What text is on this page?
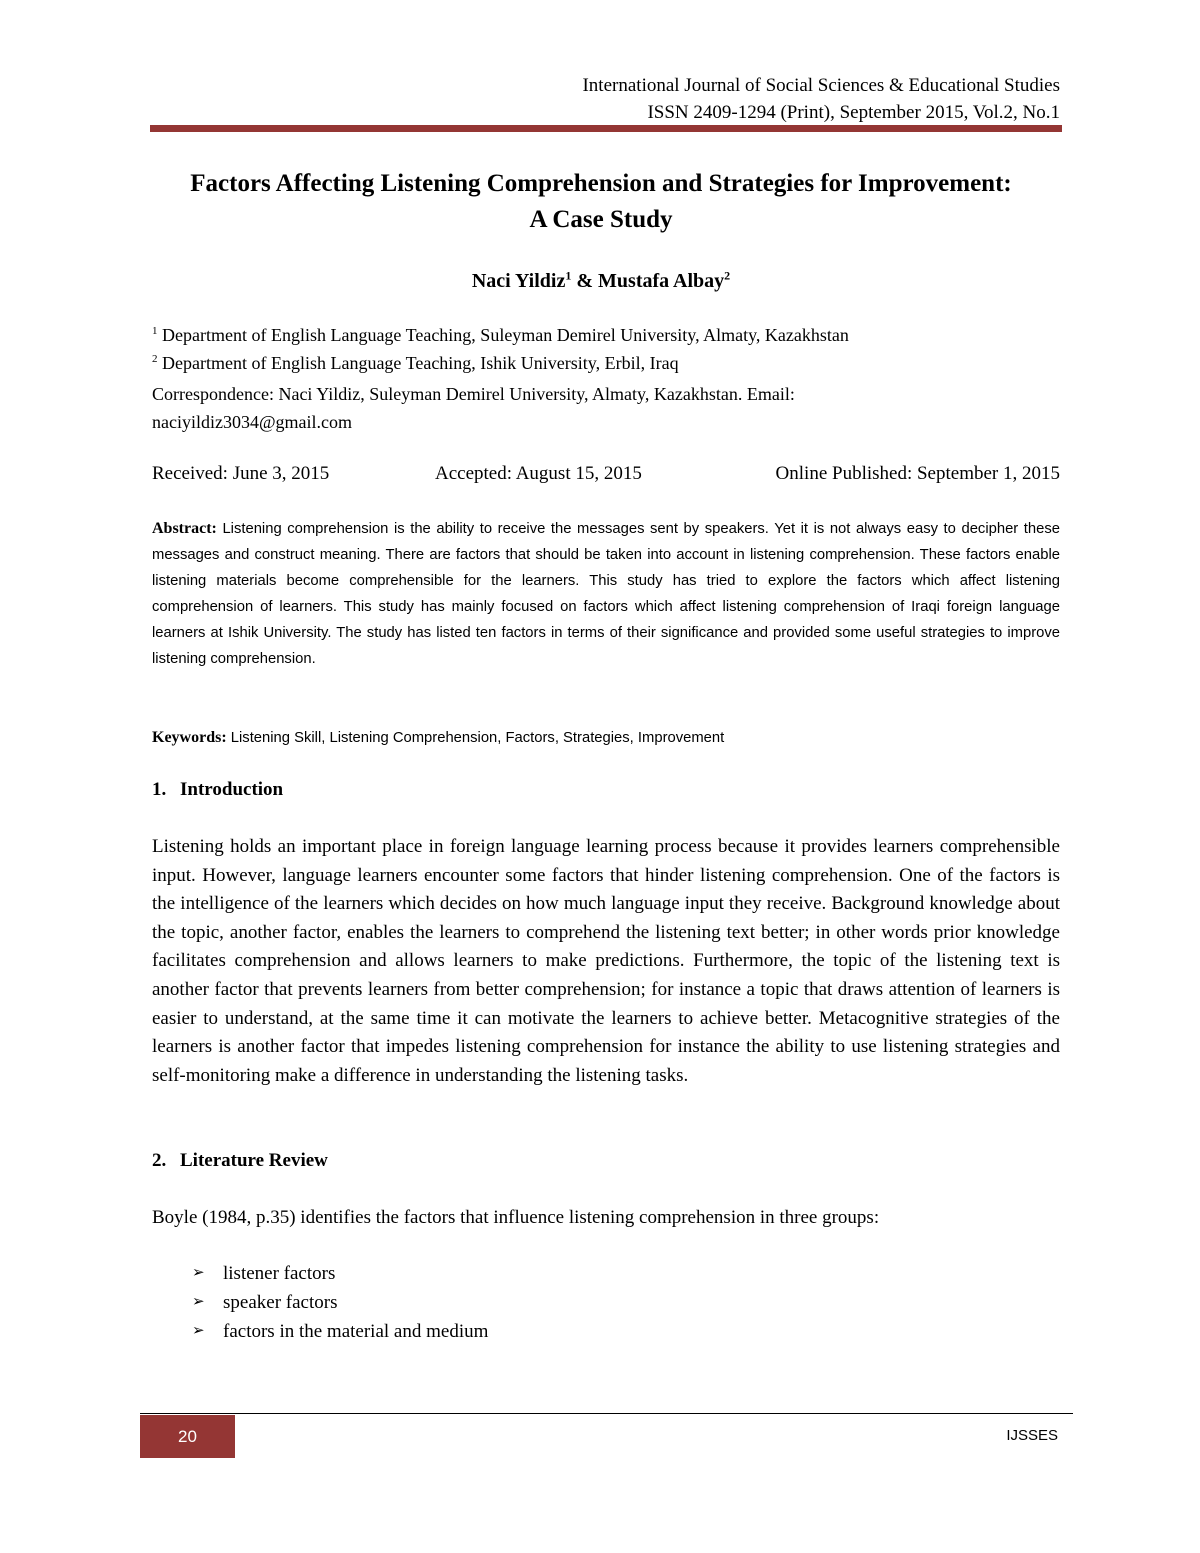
International Journal of Social Sciences & Educational Studies
ISSN 2409-1294 (Print), September 2015, Vol.2, No.1
Factors Affecting Listening Comprehension and Strategies for Improvement:
A Case Study
Naci Yildiz$^1$ & Mustafa Albay$^2$
$^1$ Department of English Language Teaching, Suleyman Demirel University, Almaty, Kazakhstan
$^2$ Department of English Language Teaching, Ishik University, Erbil, Iraq
Correspondence: Naci Yildiz, Suleyman Demirel University, Almaty, Kazakhstan. Email:
naciyildiz3034@gmail.com
Received: June 3, 2015	Accepted: August 15, 2015	Online Published: September 1, 2015

Abstract: Listening comprehension is the ability to receive the messages sent by speakers. Yet it is not always easy to decipher these messages and construct meaning. There are factors that should be taken into account in listening comprehension. These factors enable listening materials become comprehensible for the learners. This study has tried to explore the factors which affect listening comprehension of learners. This study has mainly focused on factors which affect listening comprehension of Iraqi foreign language learners at Ishik University. The study has listed ten factors in terms of their significance and provided some useful strategies to improve listening comprehension.

Keywords: Listening Skill, Listening Comprehension, Factors, Strategies, Improvement
1. Introduction

Listening holds an important place in foreign language learning process because it provides learners comprehensible input. However, language learners encounter some factors that hinder listening comprehension. One of the factors is the intelligence of the learners which decides on how much language input they receive. Background knowledge about the topic, another factor, enables the learners to comprehend the listening text better; in other words prior knowledge facilitates comprehension and allows learners to make predictions. Furthermore, the topic of the listening text is another factor that prevents learners from better comprehension; for instance a topic that draws attention of learners is easier to understand, at the same time it can motivate the learners to achieve better. Metacognitive strategies of the learners is another factor that impedes listening comprehension for instance the ability to use listening strategies and self-monitoring make a difference in understanding the listening tasks.

2. Literature Review

Boyle (1984, p.35) identifies the factors that influence listening comprehension in three groups:

➢ listener factors
➢ speaker factors
➢ factors in the material and medium
20	IJSSES
